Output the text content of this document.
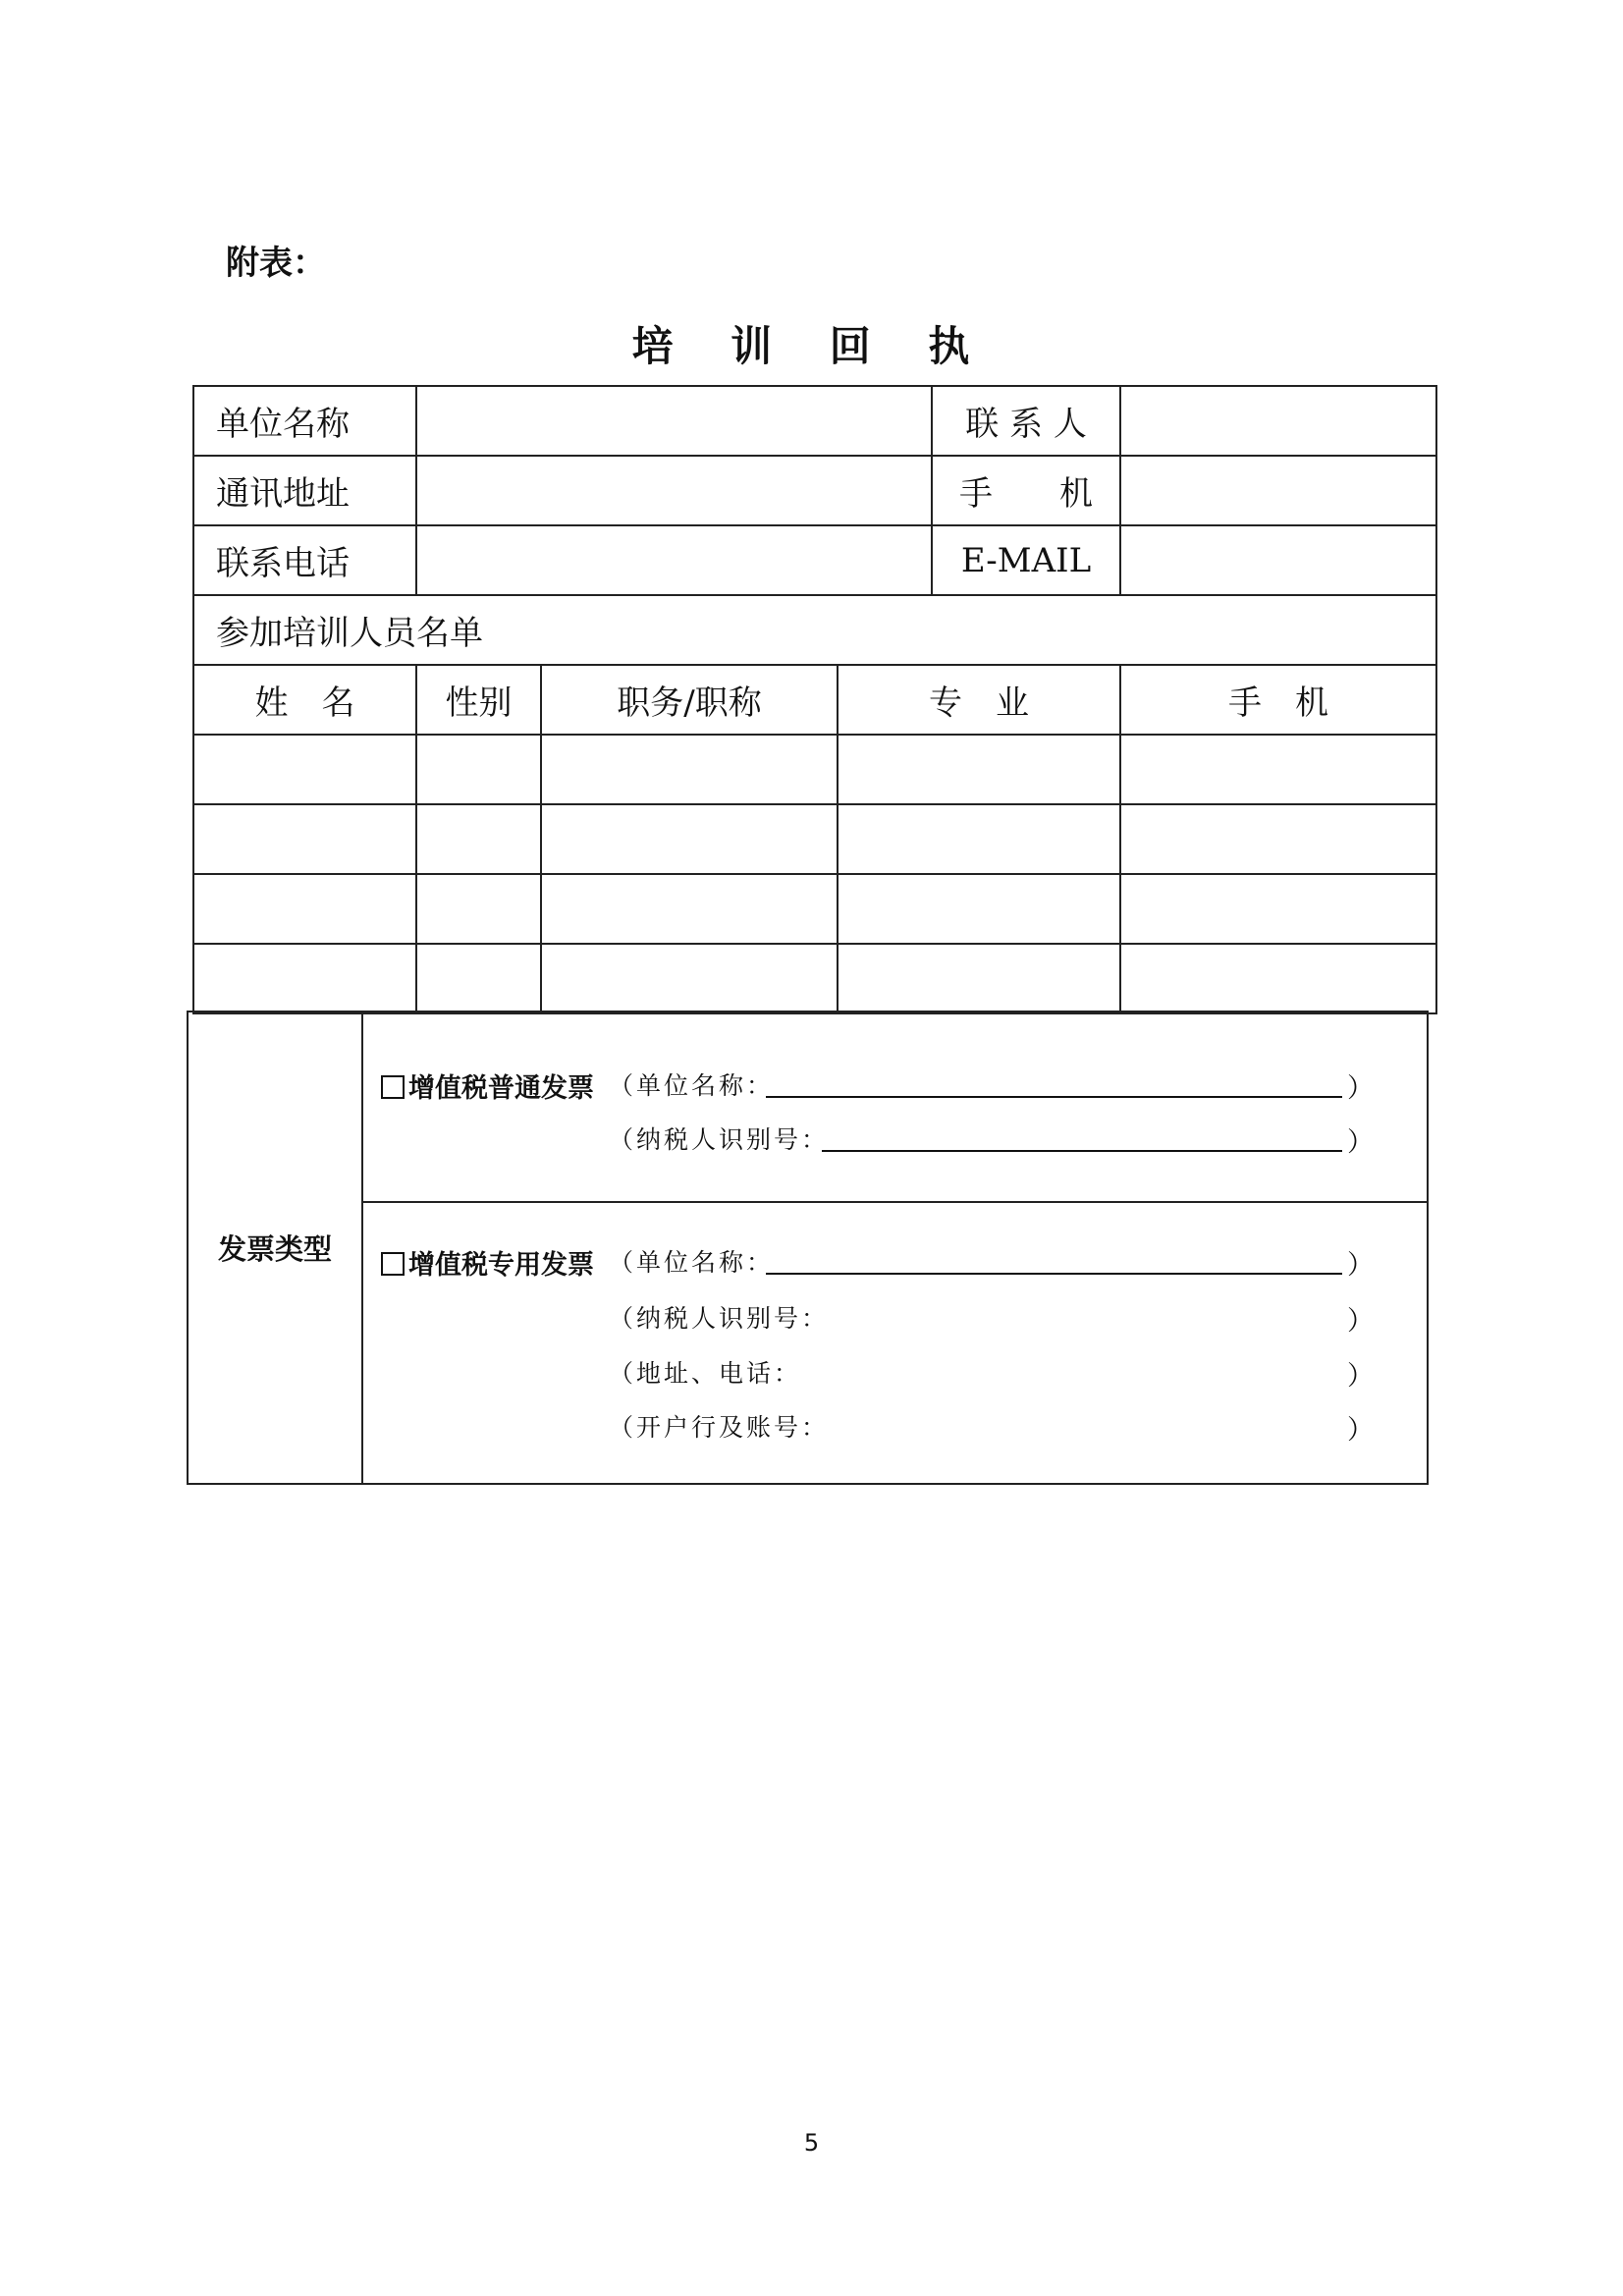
附表：
培 训 回 执
单位名称				联 系 人	
通讯地址				手　　机	
联系电话				E-MAIL	
参加培训人员名单					
姓　名	性别	职务/职称	专　业		手　机

发票类型
增值税普通发票 （单位名称：	）
（纳税人识别号：	）
增值税专用发票 （单位名称：	）
（纳税人识别号：	）
（地址、电话：	）
（开户行及账号：	）
5
